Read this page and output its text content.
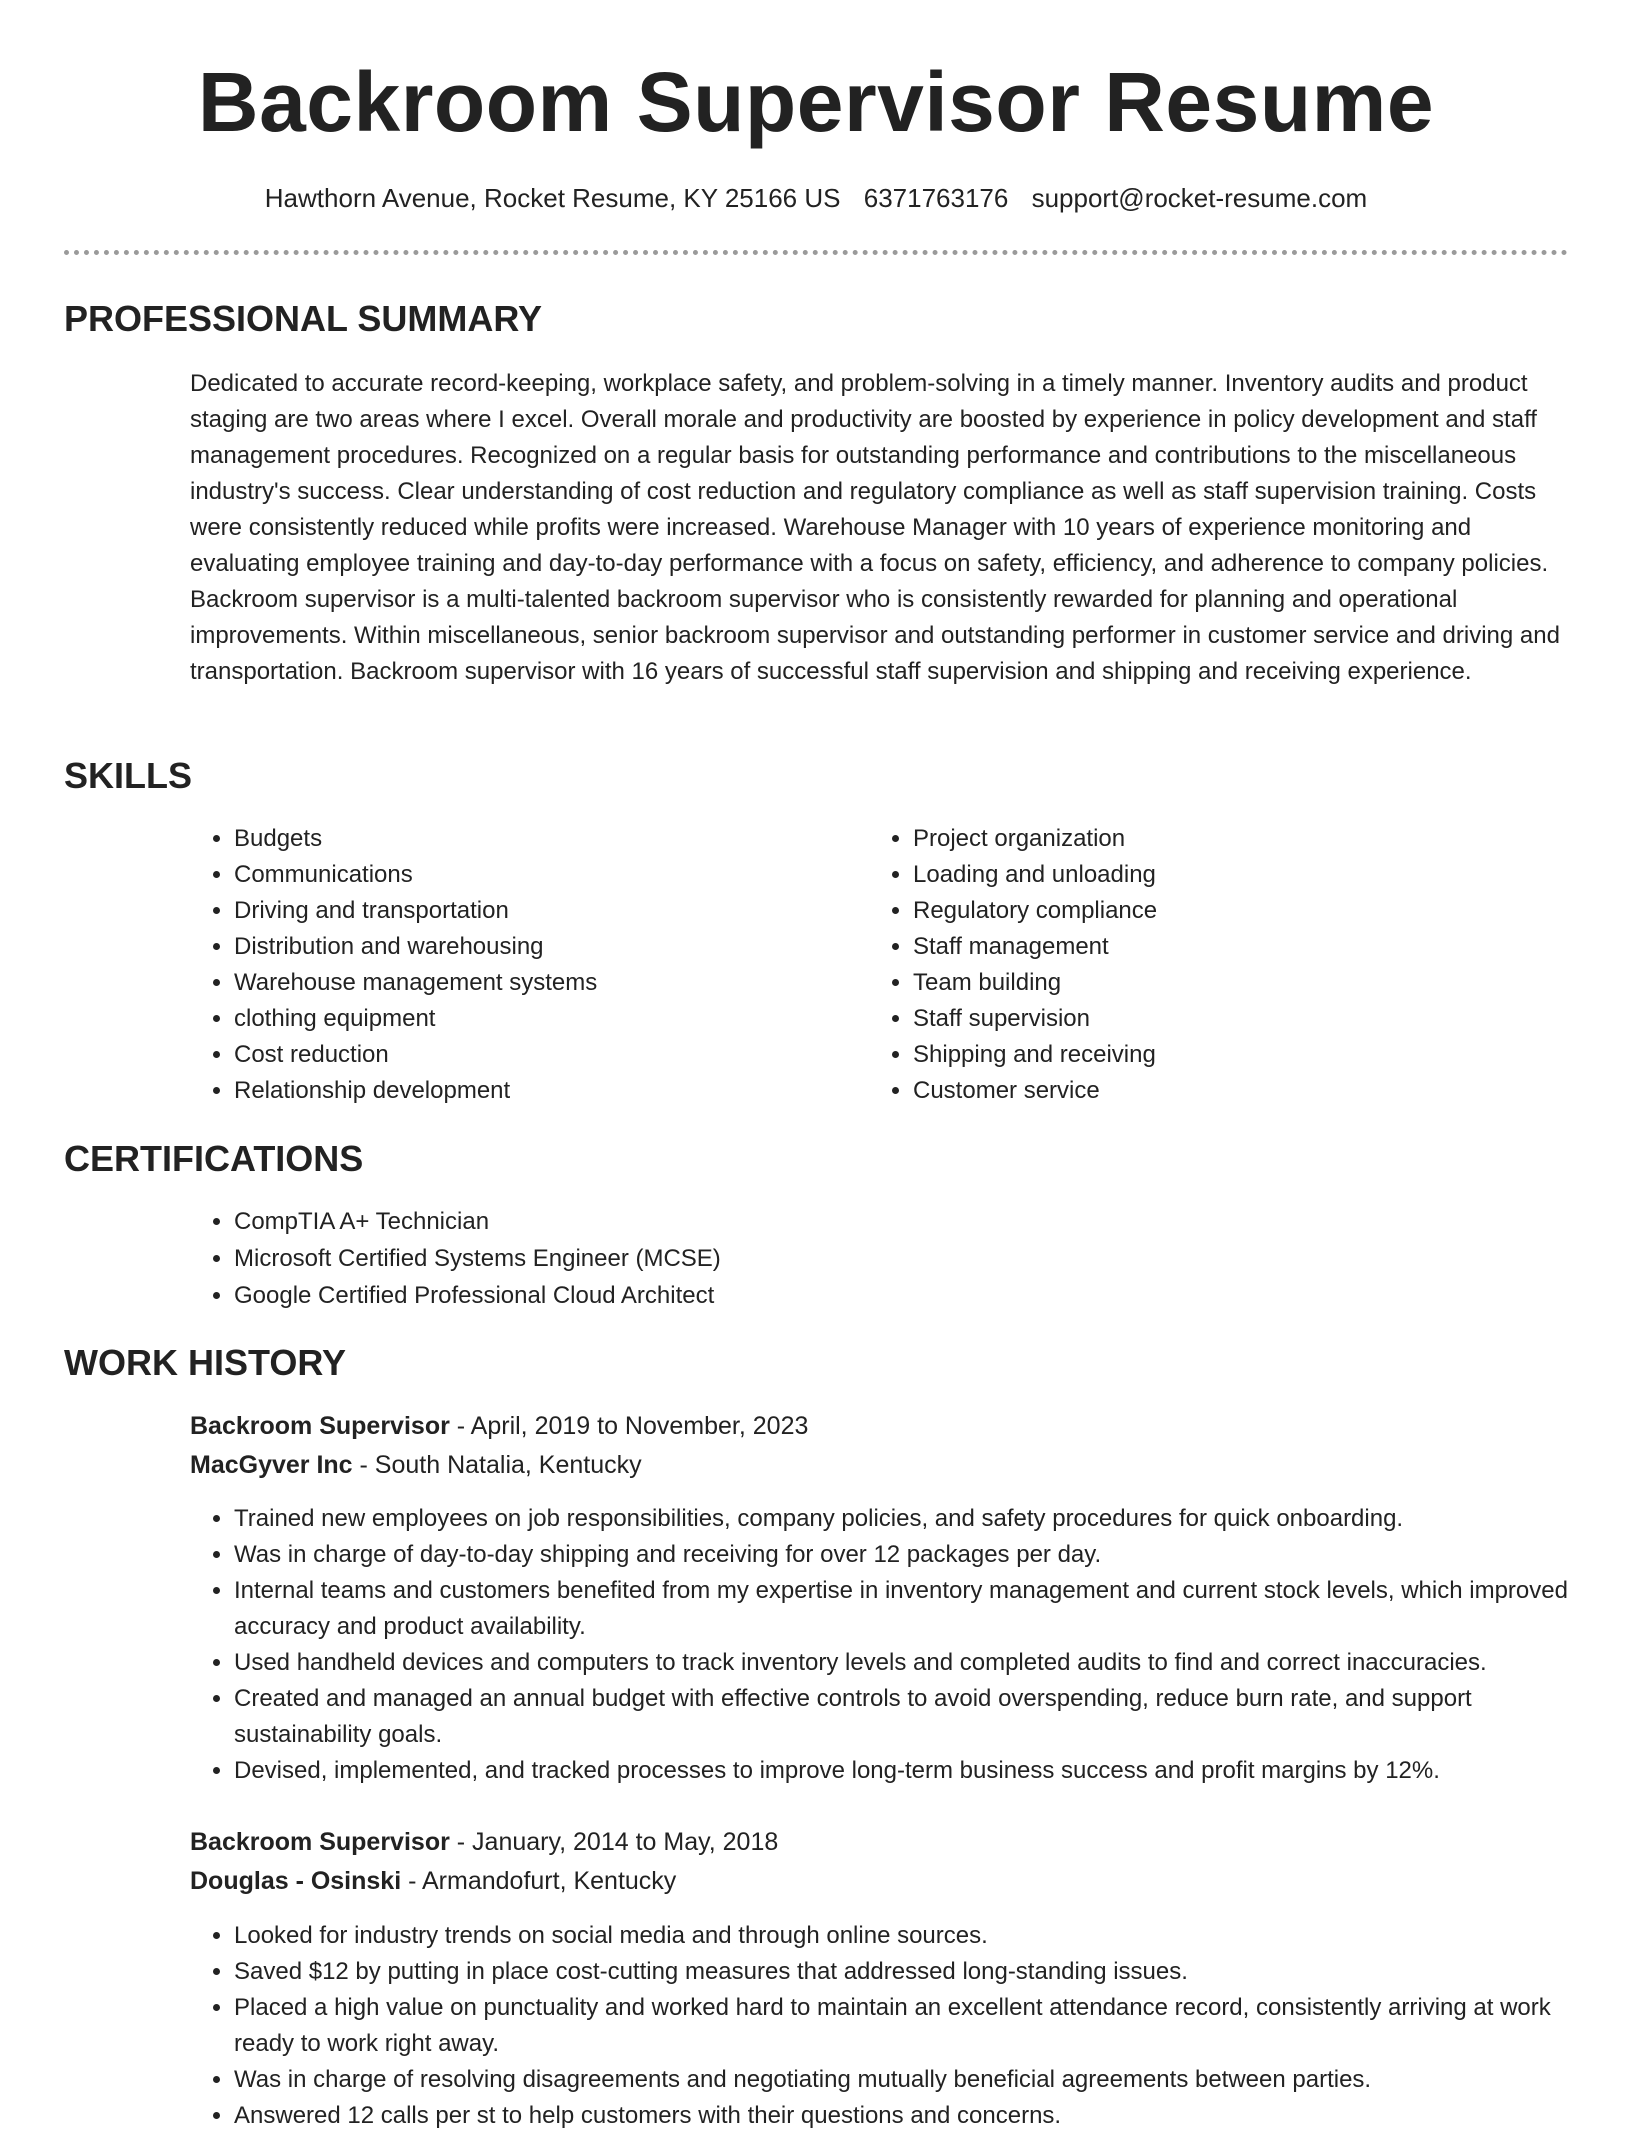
Backroom Supervisor Resume
Hawthorn Avenue, Rocket Resume, KY 25166 US 6371763176 support@rocket-resume.com
PROFESSIONAL SUMMARY

Dedicated to accurate record-keeping, workplace safety, and problem-solving in a timely manner. Inventory audits and product staging are two areas where I excel. Overall morale and productivity are boosted by experience in policy development and staff management procedures. Recognized on a regular basis for outstanding performance and contributions to the miscellaneous industry's success. Clear understanding of cost reduction and regulatory compliance as well as staff supervision training. Costs were consistently reduced while profits were increased. Warehouse Manager with 10 years of experience monitoring and evaluating employee training and day-to-day performance with a focus on safety, efficiency, and adherence to company policies. Backroom supervisor is a multi-talented backroom supervisor who is consistently rewarded for planning and operational improvements. Within miscellaneous, senior backroom supervisor and outstanding performer in customer service and driving and transportation. Backroom supervisor with 16 years of successful staff supervision and shipping and receiving experience.

SKILLS
• Budgets
• Communications
• Driving and transportation
• Distribution and warehousing
• Warehouse management systems
• clothing equipment
• Cost reduction
• Relationship development
• Project organization
• Loading and unloading
• Regulatory compliance
• Staff management
• Team building
• Staff supervision
• Shipping and receiving
• Customer service
CERTIFICATIONS
• CompTIA A+ Technician
• Microsoft Certified Systems Engineer (MCSE)
• Google Certified Professional Cloud Architect
WORK HISTORY
Backroom Supervisor - April, 2019 to November, 2023
MacGyver Inc - South Natalia, Kentucky
• Trained new employees on job responsibilities, company policies, and safety procedures for quick onboarding.
• Was in charge of day-to-day shipping and receiving for over 12 packages per day.
• Internal teams and customers benefited from my expertise in inventory management and current stock levels, which improved accuracy and product availability.
• Used handheld devices and computers to track inventory levels and completed audits to find and correct inaccuracies.
• Created and managed an annual budget with effective controls to avoid overspending, reduce burn rate, and support sustainability goals.
• Devised, implemented, and tracked processes to improve long-term business success and profit margins by 12%.
Backroom Supervisor - January, 2014 to May, 2018
Douglas - Osinski - Armandofurt, Kentucky
• Looked for industry trends on social media and through online sources.
• Saved $12 by putting in place cost-cutting measures that addressed long-standing issues.
• Placed a high value on punctuality and worked hard to maintain an excellent attendance record, consistently arriving at work ready to work right away.
• Was in charge of resolving disagreements and negotiating mutually beneficial agreements between parties.
• Answered 12 calls per st to help customers with their questions and concerns.
